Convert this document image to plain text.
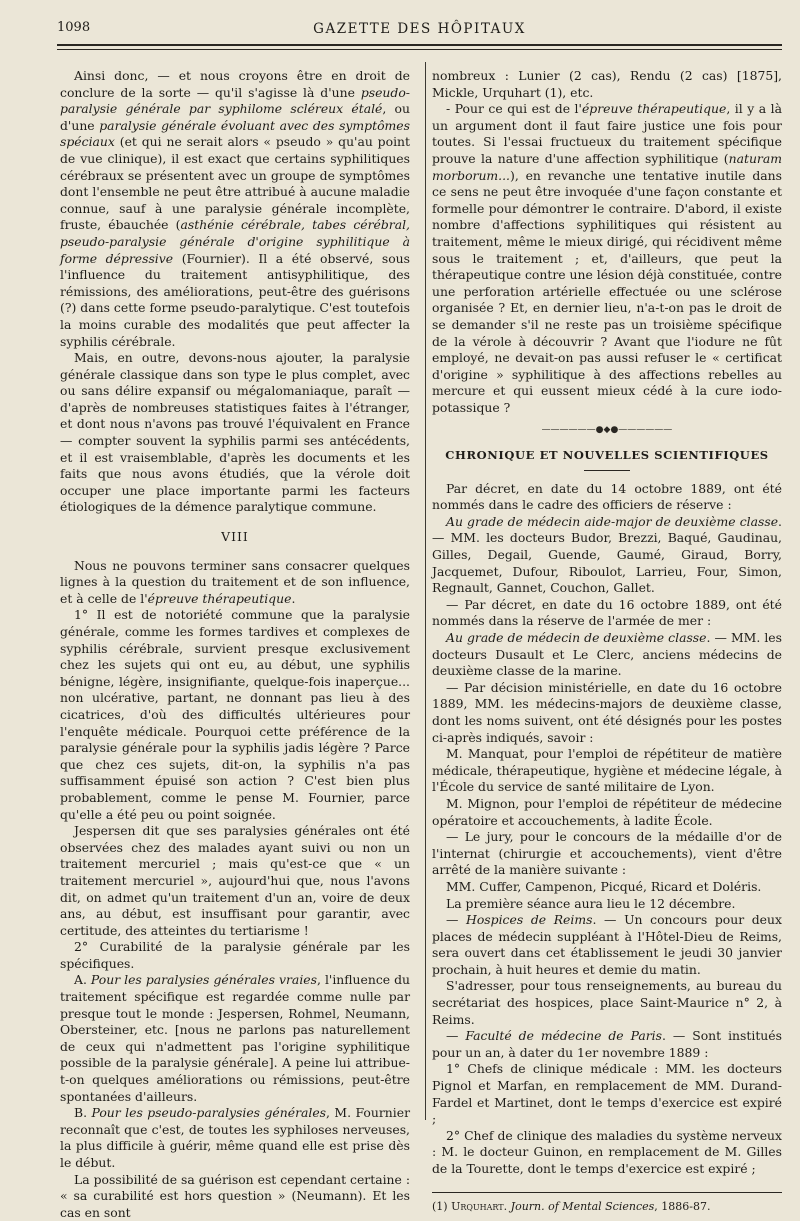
1098	GAZETTE DES HÔPITAUX

Ainsi donc, — et nous croyons être en droit de conclure de la sorte — qu'il s'agisse là d'une pseudo-paralysie générale par syphilome scléreux étalé, ou d'une paralysie générale évoluant avec des symptômes spéciaux (et qui ne serait alors « pseudo » qu'au point de vue clinique), il est exact que certains syphilitiques cérébraux se présentent avec un groupe de symptômes dont l'ensemble ne peut être attribué à aucune maladie connue, sauf à une paralysie générale incomplète, fruste, ébauchée (asthénie cérébrale, tabes cérébral, pseudo-paralysie générale d'origine syphilitique à forme dépressive (Fournier). Il a été observé, sous l'influence du traitement antisyphilitique, des rémissions, des améliorations, peut-être des guérisons (?) dans cette forme pseudo-paralytique. C'est toutefois la moins curable des modalités que peut affecter la syphilis cérébrale.

Mais, en outre, devons-nous ajouter, la paralysie générale classique dans son type le plus complet, avec ou sans délire expansif ou mégalomaniaque, paraît — d'après de nombreuses statistiques faites à l'étranger, et dont nous n'avons pas trouvé l'équivalent en France — compter souvent la syphilis parmi ses antécédents, et il est vraisemblable, d'après les documents et les faits que nous avons étudiés, que la vérole doit occuper une place importante parmi les facteurs étiologiques de la démence paralytique commune.

VIII

Nous ne pouvons terminer sans consacrer quelques lignes à la question du traitement et de son influence, et à celle de l'épreuve thérapeutique.

1° Il est de notoriété commune que la paralysie générale, comme les formes tardives et complexes de syphilis cérébrale, survient presque exclusivement chez les sujets qui ont eu, au début, une syphilis bénigne, légère, insignifiante, quelque-fois inaperçue... non ulcérative, partant, ne donnant pas lieu à des cicatrices, d'où des difficultés ultérieures pour l'enquête médicale. Pourquoi cette préférence de la paralysie générale pour la syphilis jadis légère ? Parce que chez ces sujets, dit-on, la syphilis n'a pas suffisamment épuisé son action ? C'est bien plus probablement, comme le pense M. Fournier, parce qu'elle a été peu ou point soignée.

Jespersen dit que ses paralysies générales ont été observées chez des malades ayant suivi ou non un traitement mercuriel ; mais qu'est-ce que « un traitement mercuriel », aujourd'hui que, nous l'avons dit, on admet qu'un traitement d'un an, voire de deux ans, au début, est insuffisant pour garantir, avec certitude, des atteintes du tertiarisme !

2° Curabilité de la paralysie générale par les spécifiques.

A. Pour les paralysies générales vraies, l'influence du traitement spécifique est regardée comme nulle par presque tout le monde : Jespersen, Rohmel, Neumann, Obersteiner, etc. [nous ne parlons pas naturellement de ceux qui n'admettent pas l'origine syphilitique possible de la paralysie générale]. A peine lui attribue-t-on quelques améliorations ou rémissions, peut-être spontanées d'ailleurs.

B. Pour les pseudo-paralysies générales, M. Fournier reconnaît que c'est, de toutes les syphiloses nerveuses, la plus difficile à guérir, même quand elle est prise dès le début.

La possibilité de sa guérison est cependant certaine : « sa curabilité est hors question » (Neumann). Et les cas en sont

nombreux : Lunier (2 cas), Rendu (2 cas) [1875], Mickle, Urquhart (1), etc.

- Pour ce qui est de l'épreuve thérapeutique, il y a là un argument dont il faut faire justice une fois pour toutes. Si l'essai fructueux du traitement spécifique prouve la nature d'une affection syphilitique (naturam morborum...), en revanche une tentative inutile dans ce sens ne peut être invoquée d'une façon constante et formelle pour démontrer le contraire. D'abord, il existe nombre d'affections syphilitiques qui résistent au traitement, même le mieux dirigé, qui récidivent même sous le traitement ; et, d'ailleurs, que peut la thérapeutique contre une lésion déjà constituée, contre une perforation artérielle effectuée ou une sclérose organisée ? Et, en dernier lieu, n'a-t-on pas le droit de se demander s'il ne reste pas un troisième spécifique de la vérole à découvrir ? Avant que l'iodure ne fût employé, ne devait-on pas aussi refuser le « certificat d'origine » syphilitique à des affections rebelles au mercure et qui eussent mieux cédé à la cure iodo-potassique ?

——————●◆●——————

CHRONIQUE ET NOUVELLES SCIENTIFIQUES

Par décret, en date du 14 octobre 1889, ont été nommés dans le cadre des officiers de réserve :

Au grade de médecin aide-major de deuxième classe. — MM. les docteurs Budor, Brezzi, Baqué, Gaudinau, Gilles, Degail, Guende, Gaumé, Giraud, Borry, Jacquemet, Dufour, Riboulot, Larrieu, Four, Simon, Regnault, Gannet, Couchon, Gallet.

— Par décret, en date du 16 octobre 1889, ont été nommés dans la réserve de l'armée de mer :

Au grade de médecin de deuxième classe. — MM. les docteurs Dusault et Le Clerc, anciens médecins de deuxième classe de la marine.

— Par décision ministérielle, en date du 16 octobre 1889, MM. les médecins-majors de deuxième classe, dont les noms suivent, ont été désignés pour les postes ci-après indiqués, savoir :

M. Manquat, pour l'emploi de répétiteur de matière médicale, thérapeutique, hygiène et médecine légale, à l'École du service de santé militaire de Lyon.

M. Mignon, pour l'emploi de répétiteur de médecine opératoire et accouchements, à ladite École.

— Le jury, pour le concours de la médaille d'or de l'internat (chirurgie et accouchements), vient d'être arrêté de la manière suivante :

MM. Cuffer, Campenon, Picqué, Ricard et Doléris.

La première séance aura lieu le 12 décembre.

— Hospices de Reims. — Un concours pour deux places de médecin suppléant à l'Hôtel-Dieu de Reims, sera ouvert dans cet établissement le jeudi 30 janvier prochain, à huit heures et demie du matin.

S'adresser, pour tous renseignements, au bureau du secrétariat des hospices, place Saint-Maurice n° 2, à Reims.

— Faculté de médecine de Paris. — Sont institués pour un an, à dater du 1er novembre 1889 :

1° Chefs de clinique médicale : MM. les docteurs Pignol et Marfan, en remplacement de MM. Durand-Fardel et Martinet, dont le temps d'exercice est expiré ;

2° Chef de clinique des maladies du système nerveux : M. le docteur Guinon, en remplacement de M. Gilles de la Tourette, dont le temps d'exercice est expiré ;

(1) Urquhart. Journ. of Mental Sciences, 1886-87.
